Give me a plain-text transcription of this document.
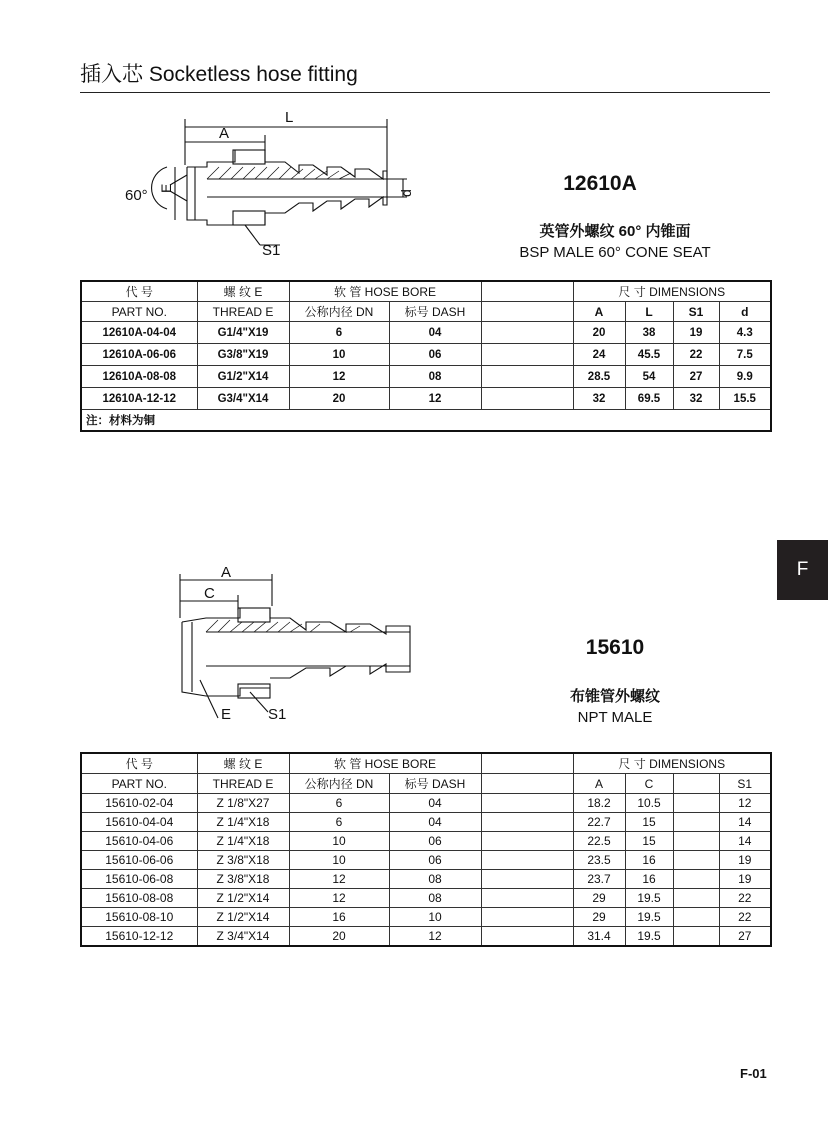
插入芯 Socketless hose fitting
L
A
60° E
d
S1
12610A
英管外螺纹 60° 内锥面
BSP MALE 60° CONE SEAT
代 号	螺 纹 E	软 管 HOSE BORE			尺 寸 DIMENSIONS			
PART NO.	THREAD E	公称内径 DN	标号 DASH		A	L	S1	d
12610A-04-04	G1/4"X19	6	04		20	38	19	4.3
12610A-06-06	G3/8"X19	10	06		24	45.5	22	7.5
12610A-08-08	G1/2"X14	12	08		28.5	54	27	9.9
12610A-12-12	G3/4"X14	20	12		32	69.5	32	15.5
注：材料为铜								
A
C
E S1
15610
布锥管外螺纹
NPT MALE
代 号	螺 纹 E	软 管 HOSE BORE			尺 寸 DIMENSIONS			
PART NO.	THREAD E	公称内径 DN	标号 DASH		A	C		S1
15610-02-04	Z 1/8"X27	6	04		18.2	10.5		12
15610-04-04	Z 1/4"X18	6	04		22.7	15		14
15610-04-06	Z 1/4"X18	10	06		22.5	15		14
15610-06-06	Z 3/8"X18	10	06		23.5	16		19
15610-06-08	Z 3/8"X18	12	08		23.7	16		19
15610-08-08	Z 1/2"X14	12	08		29	19.5		22
15610-08-10	Z 1/2"X14	16	10		29	19.5		22
15610-12-12	Z 3/4"X14	20	12		31.4	19.5		27
F
F-01
